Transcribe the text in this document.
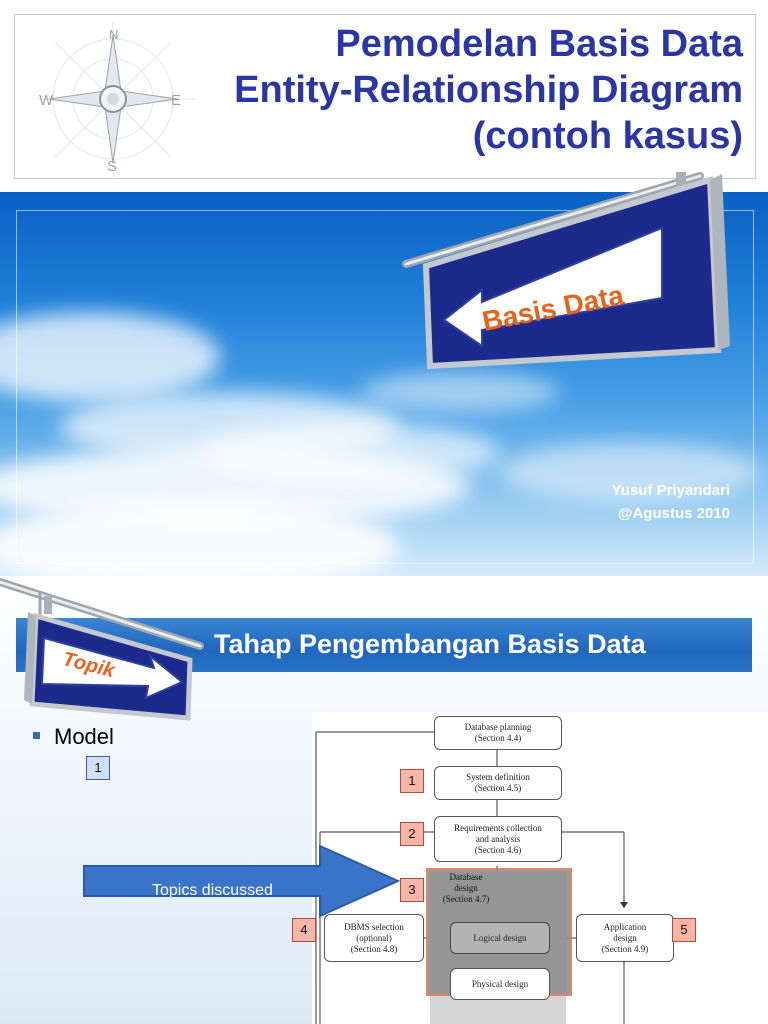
N
W	E
S
Pemodelan Basis Data
Entity-Relationship Diagram
(contoh kasus)
Yusuf Priyandari
@Agustus 2010
Basis Data
Tahap Pengembangan Basis Data
Topik
Model
1
Database
design
(Section 4.7)
Database planning
(Section 4.4)
System definition
(Section 4.5)
Requirements collection
and analysis
(Section 4.6)
Logical design
DBMS selection
(optional)
(Section 4.8)
Application
design
(Section 4.9)
Physical design
1
2
3
4	5
Topics discussed
